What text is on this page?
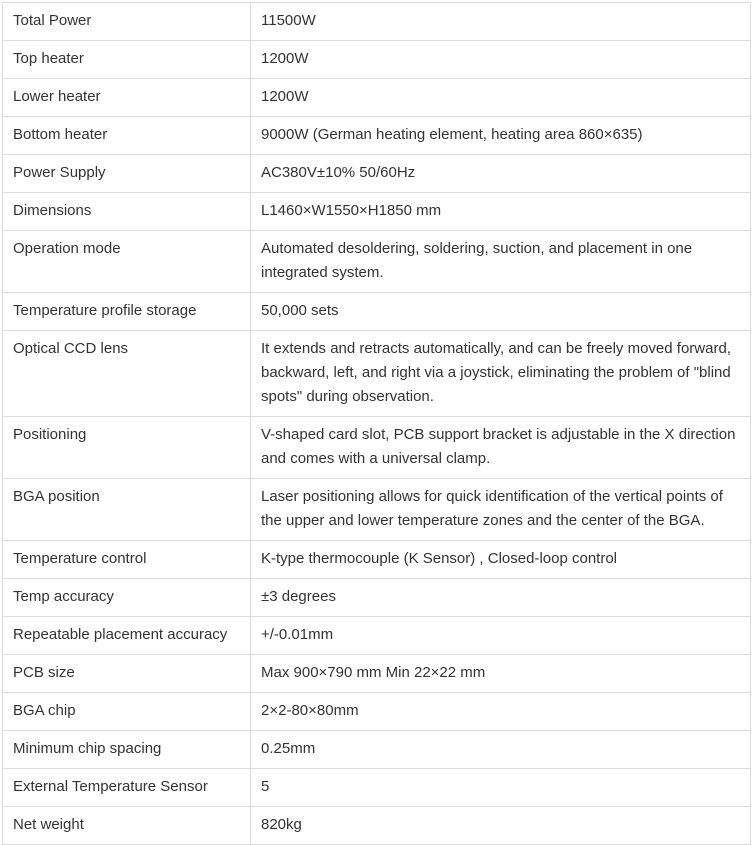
Total Power	11500W
Top heater	1200W
Lower heater	1200W
Bottom heater	9000W (German heating element, heating area 860×635)
Power Supply	AC380V±10% 50/60Hz
Dimensions	L1460×W1550×H1850 mm
Operation mode	Automated desoldering, soldering, suction, and placement in one integrated system.
Temperature profile storage	50,000 sets
Optical CCD lens	It extends and retracts automatically, and can be freely moved forward, backward, left, and right via a joystick, eliminating the problem of "blind spots" during observation.
Positioning	V-shaped card slot, PCB support bracket is adjustable in the X direction and comes with a universal clamp.
BGA position	Laser positioning allows for quick identification of the vertical points of the upper and lower temperature zones and the center of the BGA.
Temperature control	K-type thermocouple (K Sensor) , Closed-loop control
Temp accuracy	±3 degrees
Repeatable placement accuracy	+/-0.01mm
PCB size	Max 900×790 mm Min 22×22 mm
BGA chip	2×2-80×80mm
Minimum chip spacing	0.25mm
External Temperature Sensor	5
Net weight	820kg
